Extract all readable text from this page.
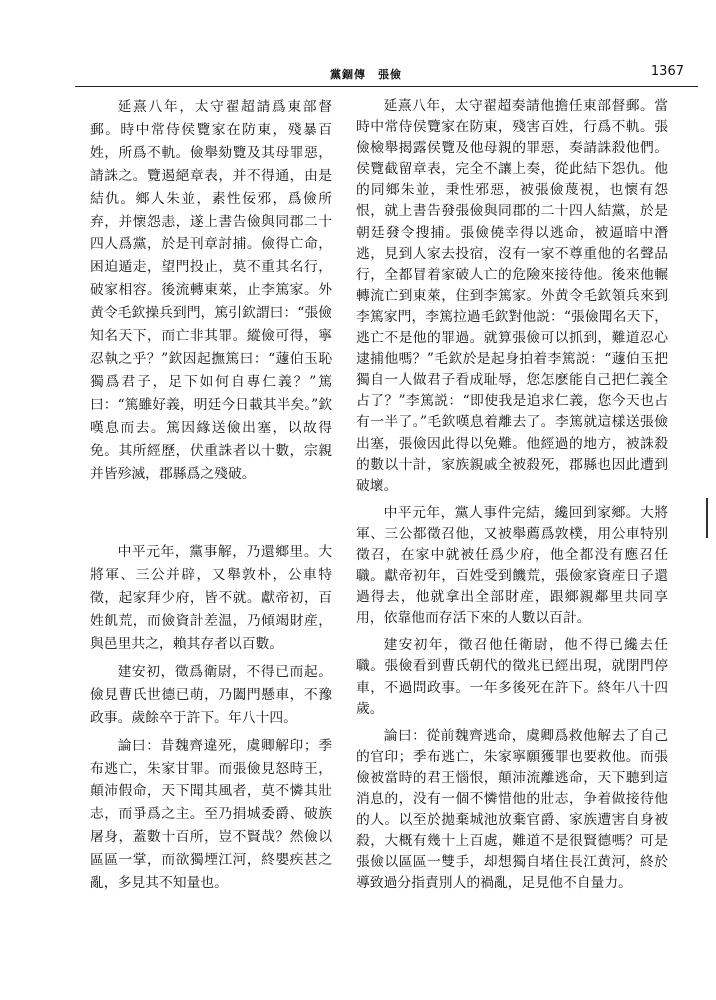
黨錮傳　張儉	1367

延熹八年，太守翟超請爲東部督郵。時中常侍侯覽家在防東，殘暴百姓，所爲不軌。儉舉劾覽及其母罪惡，請誅之。覽遏絕章表，并不得通，由是結仇。鄉人朱並，素性佞邪，爲儉所弃，并懷怨恚，遂上書告儉與同郡二十四人爲黨，於是刊章討捕。儉得亡命，困迫遁走，望門投止，莫不重其名行，破家相容。後流轉東萊，止李篤家。外黄令毛欽操兵到門，篤引欽謂曰：“張儉知名天下，而亡非其罪。縱儉可得，寧忍執之乎？”欽因起撫篤曰：“蘧伯玉恥獨爲君子，足下如何自專仁義？”篤曰：“篤雖好義，明廷今日載其半矣。”欽嘆息而去。篤因緣送儉出塞，以故得免。其所經歷，伏重誅者以十數，宗親并皆殄滅，郡縣爲之殘破。

中平元年，黨事解，乃還鄉里。大將軍、三公并辟，又舉敦朴，公車特徵，起家拜少府，皆不就。獻帝初，百姓飢荒，而儉資計差温，乃傾竭財産，與邑里共之，賴其存者以百數。

建安初，徵爲衛尉，不得已而起。儉見曹氏世德已萌，乃闔門懸車，不豫政事。歲餘卒于許下。年八十四。

論曰：昔魏齊違死，虞卿解印；季布逃亡，朱家甘罪。而張儉見怒時王，顛沛假命，天下聞其風者，莫不憐其壯志，而爭爲之主。至乃捐城委爵、破族屠身，蓋數十百所，豈不賢哉？然儉以區區一掌，而欲獨堙江河，終嬰疾甚之亂，多見其不知量也。

延熹八年，太守翟超奏請他擔任東部督郵。當時中常侍侯覽家在防東，殘害百姓，行爲不軌。張儉檢舉揭露侯覽及他母親的罪惡，奏請誅殺他們。侯覽截留章表，完全不讓上奏，從此結下怨仇。他的同鄉朱並，秉性邪惡，被張儉蔑視，也懷有怨恨，就上書告發張儉與同郡的二十四人結黨，於是朝廷發令搜捕。張儉僥幸得以逃命，被逼暗中潛逃，見到人家去投宿，沒有一家不尊重他的名聲品行，全都冒着家破人亡的危險來接待他。後來他輾轉流亡到東萊，住到李篤家。外黄令毛欽領兵來到李篤家門，李篤拉過毛欽對他説：“張儉聞名天下，逃亡不是他的罪過。就算張儉可以抓到，難道忍心逮捕他嗎？”毛欽於是起身拍着李篤説：“蘧伯玉把獨自一人做君子看成耻辱，您怎麽能自己把仁義全占了？”李篤説：“即使我是追求仁義，您今天也占有一半了。”毛欽嘆息着離去了。李篤就這樣送張儉出塞，張儉因此得以免難。他經過的地方，被誅殺的數以十計，家族親戚全被殺死，郡縣也因此遭到破壞。

中平元年，黨人事件完結，纔回到家鄉。大將軍、三公都徵召他，又被舉薦爲敦樸，用公車特别徵召，在家中就被任爲少府，他全都没有應召任職。獻帝初年，百姓受到饑荒，張儉家資産日子還過得去，他就拿出全部財産，跟鄉親鄰里共同享用，依靠他而存活下來的人數以百計。

建安初年，徵召他任衛尉，他不得已纔去任職。張儉看到曹氏朝代的徵兆已經出現，就閉門停車，不過問政事。一年多後死在許下。終年八十四歲。

論曰：從前魏齊逃命，虞卿爲救他解去了自己的官印；季布逃亡，朱家寧願獲罪也要救他。而張儉被當時的君王惱恨，顛沛流離逃命，天下聽到這消息的，没有一個不憐惜他的壯志，争着做接待他的人。以至於拋棄城池放棄官爵、家族遭害自身被殺，大概有幾十上百處，難道不是很賢德嗎？可是張儉以區區一雙手，却想獨自堵住長江黄河，終於導致過分指責別人的禍亂，足見他不自量力。
